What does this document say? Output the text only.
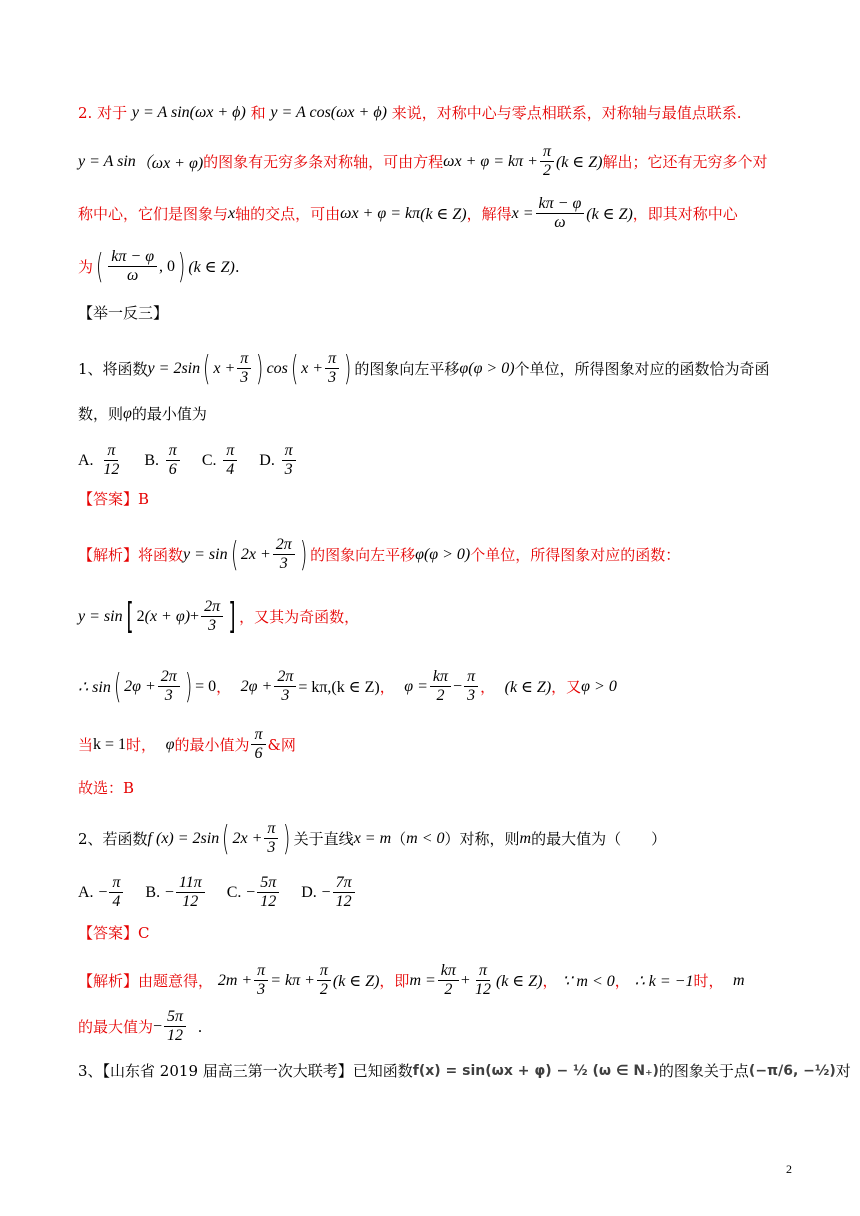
2.
对于
y = A sin(ωx + ϕ)
和
y = A cos(ωx + ϕ)
来说，对称中心与零点相联系，对称轴与最值点联系.
y = A sin （ωx + φ) 的图象有无穷多条对称轴，可由方程 $\omega x + \varphi = k\pi + \frac{\pi}{2} (k$ ∈ Z) 解出；它还有无穷多个对
称中心，它们是图象与 x 轴的交点，可由 ωx + φ = kπ (k ∈ Z) ，解得 $x = \frac{k\pi - \varphi}{\omega} (k$ ∈ Z) ，即其对称中心
为 ( $\frac{k\pi - \varphi}{\omega}$ , 0 ) (k ∈ Z) .
【举一反三】
1、将函数 y = 2sin ( $x + \frac{\pi}{3}$ ) cos ( $x + \frac{\pi}{3}$ ) 的图象向左平移 φ (φ > 0) 个单位，所得图象对应的函数恰为奇函
数，则 φ 的最小值为
A.
$\frac{\pi}{12} B$.
$\frac{\pi}{6} C$.
$\frac{\pi}{4} D$.
$\frac{\pi}{3}$
【答案】B
【解析】 将函数 y = sin ( $2x + \frac{2\pi}{3}$ ) 的图象向左平移 φ (φ > 0) 个单位，所得图象对应的函数：
y = sin [ 2 $(x + \varphi) + \frac{2\pi}{3}$ ] ，又其为奇函数，
∴ sin ( $2\varphi + \frac{2\pi}{3}$ ) = 0 ，
$2\varphi + \frac{2\pi}{3} = k\pi,(k$ ∈ Z) ，
$\varphi = \frac{k\pi}{2} - \frac{\pi}{3}$ ，
(k ∈ Z) ，又 φ > 0
当 k = 1 时，
φ 的最小值为 $\frac{\pi}{6}$ &网
故选：B
2、若函数 f (x) = 2sin ( $2x + \frac{\pi}{3}$ ) 关于直线 x = m （ m < 0 ）对称，则 m 的最大值为（　　）
A.
− $\frac{\pi}{4} B$.
− $\frac{11\pi}{12} C$.
− $\frac{5\pi}{12} D$.
− $\frac{7\pi}{12}$
【答案】C
【解析】 由题意得，
$2m + \frac{\pi}{3} = k\pi + \frac{\pi}{2} (k$ ∈ Z) ，即 $m = \frac{k\pi}{2} + \frac{\pi}{12} (k$ ∈ Z) ，
∵ m < 0 ，
∴ k = −1 时，
m
的最大值为 − $\frac{5\pi}{12}$
.
3、【山东省 2019 届高三第一次大联考】已知函数 f(x) = sin(ωx + φ) − ½ (ω ∈ N₊) 的图象关于点 (−π/6, −½) 对
2
